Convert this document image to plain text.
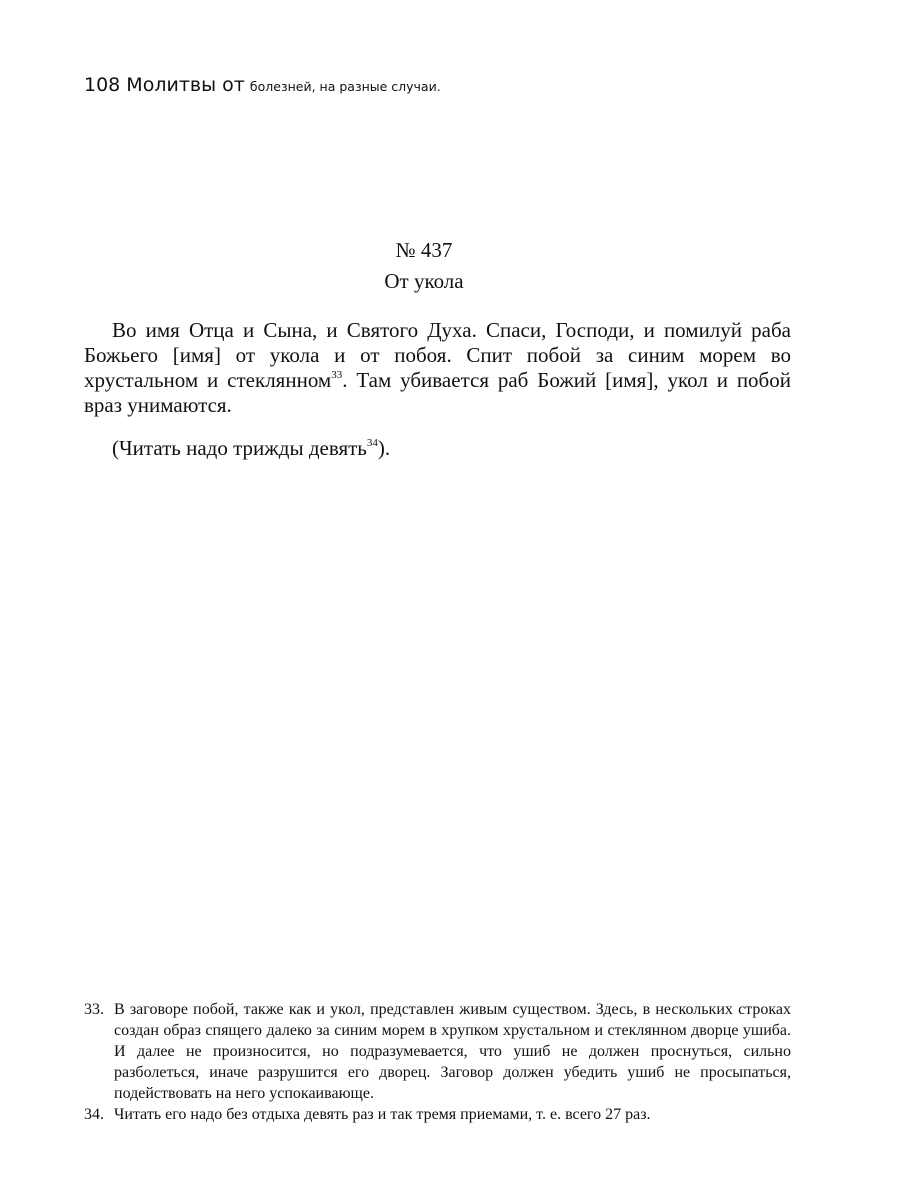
108 Молитвы от болезней, на разные случаи.
№ 437
От укола

Во имя Отца и Сына, и Святого Духа. Спаси, Господи, и помилуй раба Божьего [имя] от укола и от побоя. Спит побой за синим морем во хрустальном и стеклянном$^{33}$. Там убивается раб Божий [имя], укол и побой враз унимаются.

(Читать надо трижды девять$^{34}$).

33. В заговоре побой, также как и укол, представлен живым существом. Здесь, в нескольких строках создан образ спящего далеко за синим морем в хрупком хрустальном и стеклянном дворце ушиба. И далее не произносится, но подразумевается, что ушиб не должен проснуться, сильно разболеться, иначе разрушится его дворец. Заговор должен убедить ушиб не просыпаться, подействовать на него успокаивающе.

34. Читать его надо без отдыха девять раз и так тремя приемами, т. е. всего 27 раз.
